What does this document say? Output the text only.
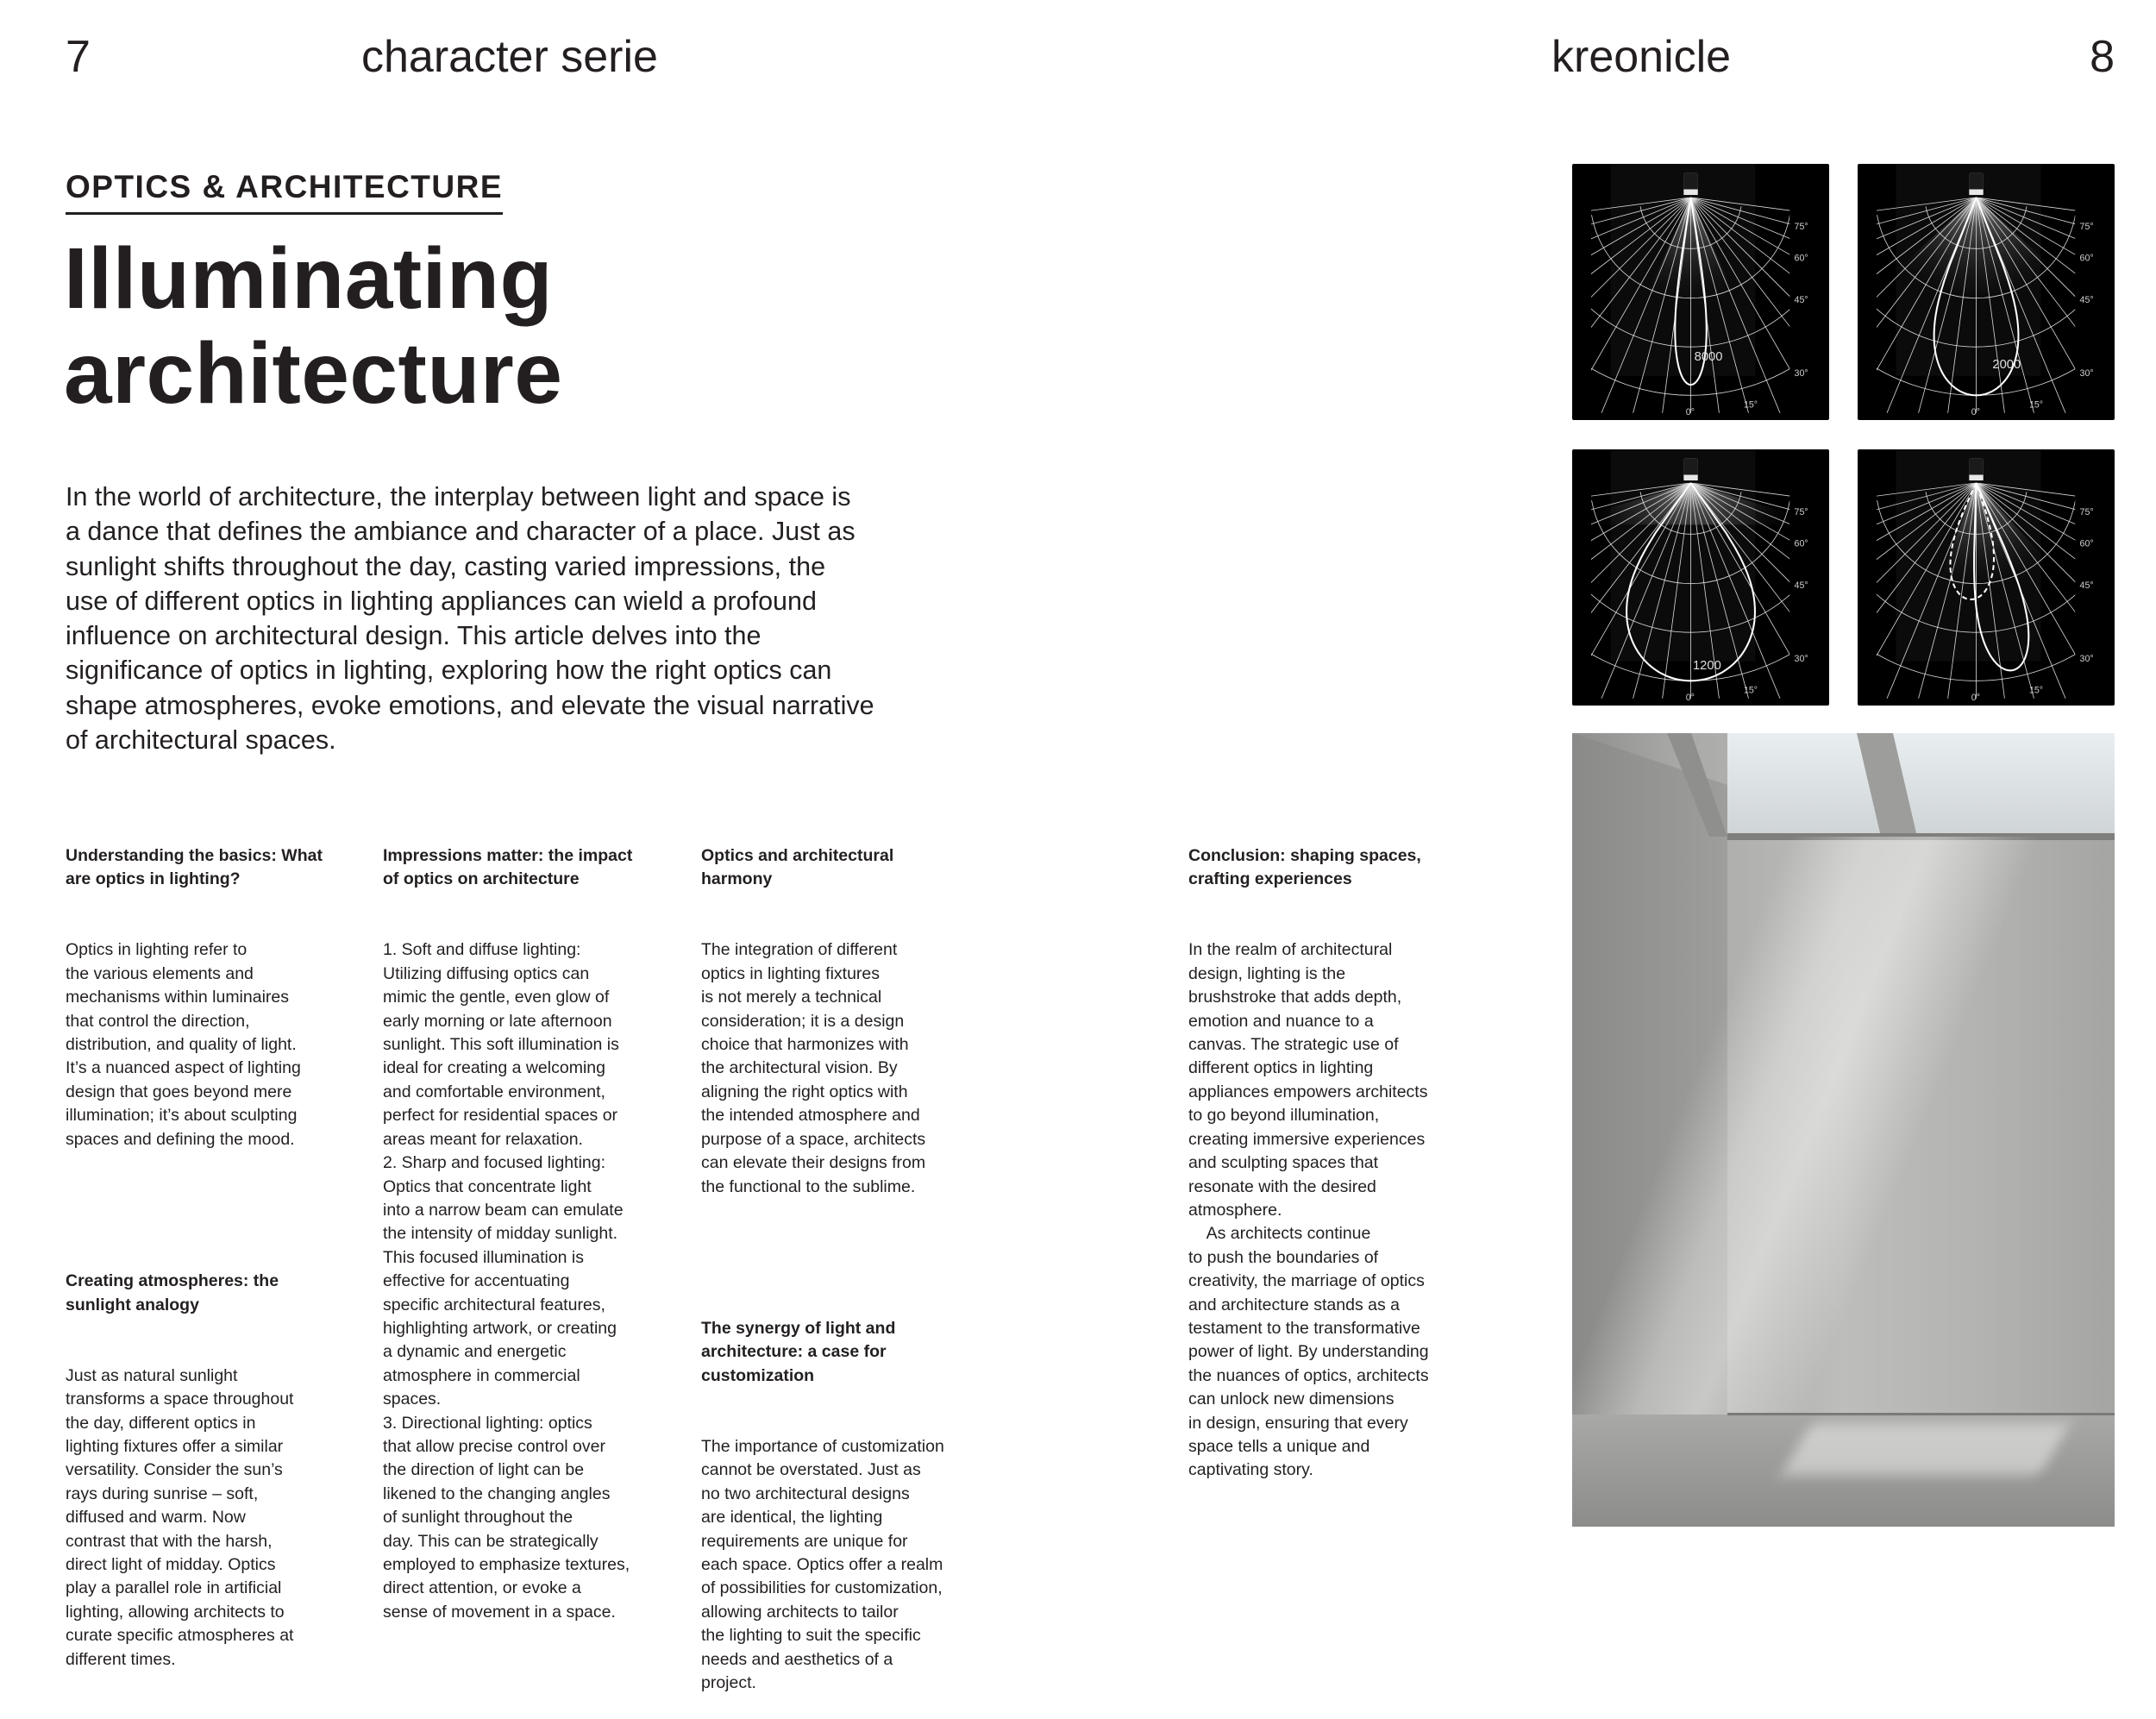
7	character serie	kreonicle	8
OPTICS & ARCHITECTURE
Illuminating
architecture
In the world of architecture, the interplay between light and space is
a dance that defines the ambiance and character of a place. Just as
sunlight shifts throughout the day, casting varied impressions, the
use of different optics in lighting appliances can wield a profound
influence on architectural design. This article delves into the
significance of optics in lighting, exploring how the right optics can
shape atmospheres, evoke emotions, and elevate the visual narrative
of architectural spaces.

Understanding the basics: What
are optics in lighting?

Optics in lighting refer to
the various elements and
mechanisms within luminaires
that control the direction,
distribution, and quality of light.
It’s a nuanced aspect of lighting
design that goes beyond mere
illumination; it’s about sculpting
spaces and defining the mood.

Creating atmospheres: the
sunlight analogy

Just as natural sunlight
transforms a space throughout
the day, different optics in
lighting fixtures offer a similar
versatility. Consider the sun’s
rays during sunrise – soft,
diffused and warm. Now
contrast that with the harsh,
direct light of midday. Optics
play a parallel role in artificial
lighting, allowing architects to
curate specific atmospheres at
different times.

Impressions matter: the impact
of optics on architecture

1. Soft and diffuse lighting:
Utilizing diffusing optics can
mimic the gentle, even glow of
early morning or late afternoon
sunlight. This soft illumination is
ideal for creating a welcoming
and comfortable environment,
perfect for residential spaces or
areas meant for relaxation.
2. Sharp and focused lighting:
Optics that concentrate light
into a narrow beam can emulate
the intensity of midday sunlight.
This focused illumination is
effective for accentuating
specific architectural features,
highlighting artwork, or creating
a dynamic and energetic
atmosphere in commercial
spaces.
3. Directional lighting: optics
that allow precise control over
the direction of light can be
likened to the changing angles
of sunlight throughout the
day. This can be strategically
employed to emphasize textures,
direct attention, or evoke a
sense of movement in a space.

Optics and architectural
harmony

The integration of different
optics in lighting fixtures
is not merely a technical
consideration; it is a design
choice that harmonizes with
the architectural vision. By
aligning the right optics with
the intended atmosphere and
purpose of a space, architects
can elevate their designs from
the functional to the sublime.

The synergy of light and
architecture: a case for
customization

The importance of customization
cannot be overstated. Just as
no two architectural designs
are identical, the lighting
requirements are unique for
each space. Optics offer a realm
of possibilities for customization,
allowing architects to tailor
the lighting to suit the specific
needs and aesthetics of a
project.

Conclusion: shaping spaces,
crafting experiences

In the realm of architectural
design, lighting is the
brushstroke that adds depth,
emotion and nuance to a
canvas. The strategic use of
different optics in lighting
appliances empowers architects
to go beyond illumination,
creating immersive experiences
and sculpting spaces that
resonate with the desired
atmosphere.
As architects continue
to push the boundaries of
creativity, the marriage of optics
and architecture stands as a
testament to the transformative
power of light. By understanding
the nuances of optics, architects
can unlock new dimensions
in design, ensuring that every
space tells a unique and
captivating story.

0°
15°
30°
45°
60°
75°
8000
0°
15°
30°
45°
60°
75°
2000
0°
15°
30°
45°
60°
75°
1200
0°
15°
30°
45°
60°
75°
